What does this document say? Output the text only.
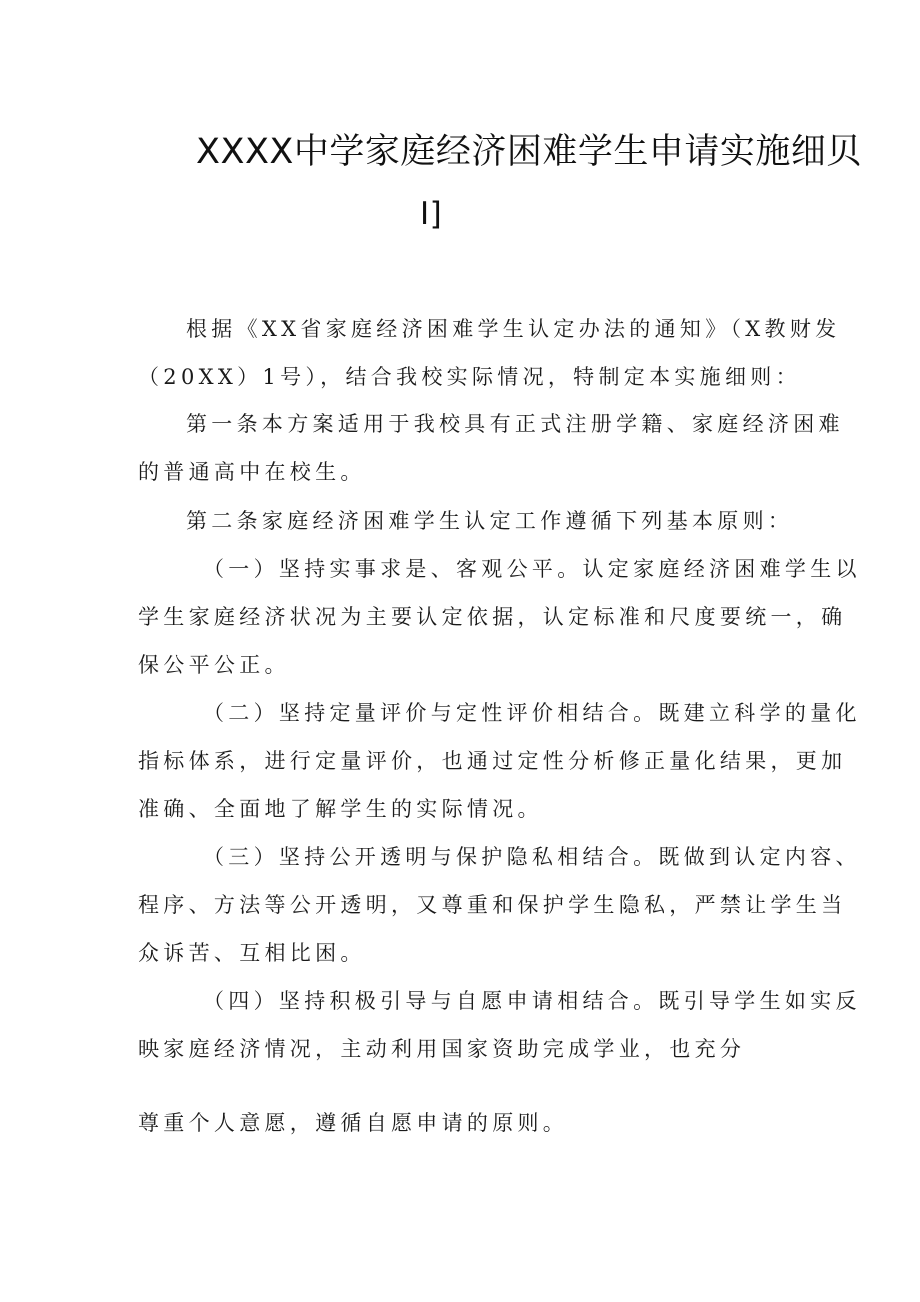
XXXX中学家庭经济困难学生申请实施细贝
I]
根据《XX省家庭经济困难学生认定办法的通知》（X教财发
（20XX）1号），结合我校实际情况，特制定本实施细则：
第一条本方案适用于我校具有正式注册学籍、家庭经济困难
的普通高中在校生。
第二条家庭经济困难学生认定工作遵循下列基本原则：
（一）坚持实事求是、客观公平。认定家庭经济困难学生以
学生家庭经济状况为主要认定依据，认定标准和尺度要统一，确
保公平公正。
（二）坚持定量评价与定性评价相结合。既建立科学的量化
指标体系，进行定量评价，也通过定性分析修正量化结果，更加
准确、全面地了解学生的实际情况。
（三）坚持公开透明与保护隐私相结合。既做到认定内容、
程序、方法等公开透明，又尊重和保护学生隐私，严禁让学生当
众诉苦、互相比困。
（四）坚持积极引导与自愿申请相结合。既引导学生如实反
映家庭经济情况，主动利用国家资助完成学业，也充分
尊重个人意愿，遵循自愿申请的原则。
